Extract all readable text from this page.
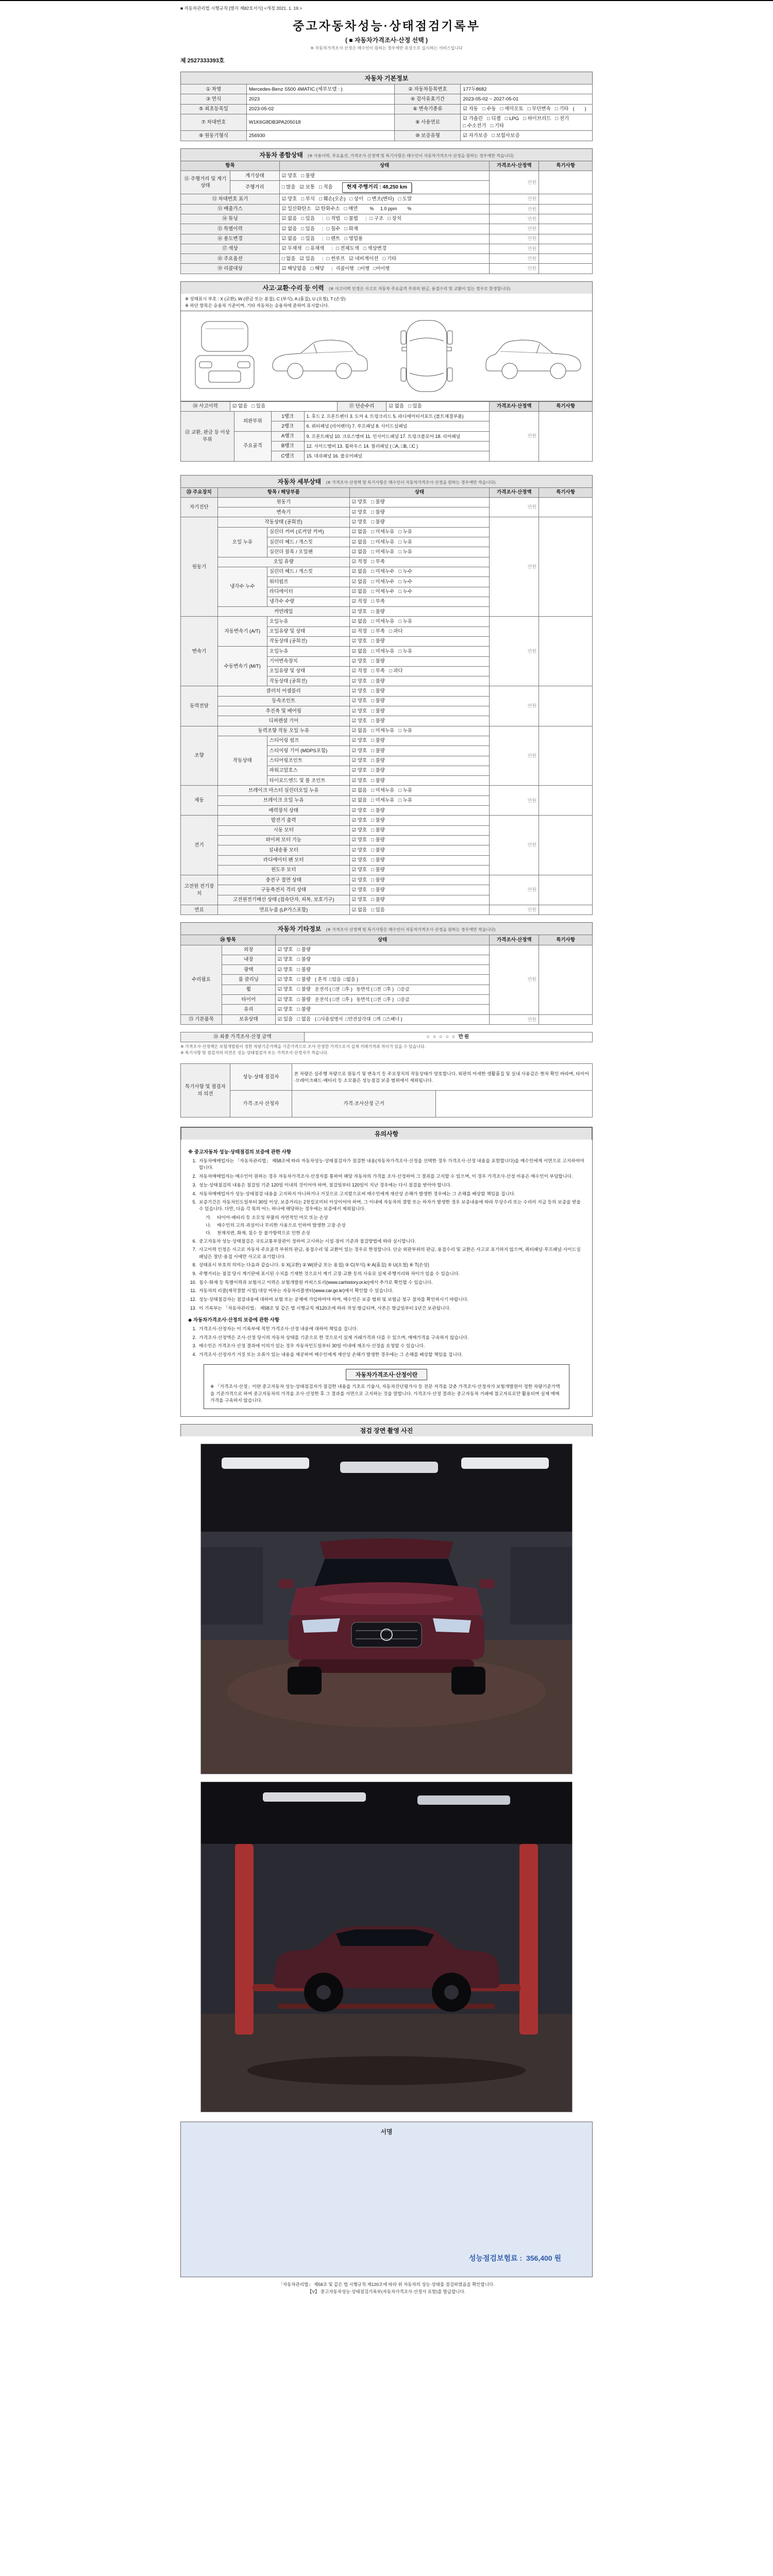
■ 자동차관리법 시행규칙 [별지 제82호서식] <개정 2021. 1. 19.>
중고자동차성능·상태점검기록부
( ■ 자동차가격조사·산정 선택 )
※ 자동차가격조사·산정은 매수인이 원하는 경우에만 유상으로 실시하는 서비스입니다
제 2527333393호
자동차 기본정보
① 차명	Mercedes-Benz S500 4MATIC (세부모델 : )	② 자동차등록번호	177두8682
③ 연식	2023	④ 검사유효기간	2023-05-02 ~ 2027-05-01
⑤ 최초등록일	2023-05-02	⑥ 변속기종류	☑ 자동 □ 수동 □ 세미오토 □ 무단변속 □ 기타 (        )
⑦ 차대번호	W1K6G8DB3PA205018	⑧ 사용연료	☑ 가솔린 □ 디젤 □ LPG □ 하이브리드 □ 전기□ 수소전기 □ 기타
⑨ 원동기형식	256930	⑩ 보증유형	☑ 자가보증 □ 보험사보증
자동차 종합상태 (※ 사용이력, 주요옵션, 가격조사·산정액 및 특기사항은 매수인이 자동차가격조사·산정을 원하는 경우에만 적습니다)
항목		상태	가격조사·산정액	특기사항
⑪ 주행거리 및 계기상태	계기상태	☑ 양호 □ 불량	만원	
	주행거리	□ 많음 ☑ 보통 □ 적음 현재 주행거리 : 48,250 km		
⑫ 차대번호 표기		☑ 양호 □ 부식 □ 훼손(오손) □ 상이 □ 변조(변타) □ 도말	만원	
⑬ 배출가스		☑ 일산화탄소 ☑ 탄화수소 □ 매연      %     1.0 ppm        %	만원	
⑭ 튜닝		☑ 없음 □ 있음 | □ 적법 □ 불법 | □ 구조 □ 장치	만원	
⑮ 특별이력		☑ 없음 □ 있음 | □ 침수 □ 화재	만원	
⑯ 용도변경		☑ 없음 □ 있음 | □ 렌트 □ 영업용	만원	
⑰ 색상		☑ 무채색 □ 유채색 | □ 전체도색 □ 색상변경	만원	
⑱ 주요옵션		□ 없음 ☑ 있음 | □ 썬루프 ☑ 네비게이션 □ 기타	만원	
⑲ 리콜대상		☑ 해당없음 □ 해당 | 리콜이행   □이행   □미이행	만원	
사고·교환·수리 등 이력 (※ 사고이력 인정은 사고로 자동차 주요골격 부위의 판금, 용접수리 및 교환이 있는 경우로 한정합니다)
※ 상태표시 부호 : X (교환), W (판금 또는 용접), C (부식), A (흠집), U (요철), T (손상)
※ 하단 항목은 승용차 기준이며, 기타 자동차는 승용차에 준하여 표시합니다.
⑳ 사고이력	☑ 없음 □ 있음	㉑ 단순수리	☑ 없음 □ 있음	가격조사·산정액	특기사항
㉒ 교환, 판금 등 이상 부위	외판부위	1랭크	1. 후드 2. 프론트펜더 3. 도어 4. 트렁크리드 5. 라디에이터서포트 (볼트체결부품)	만원	
		2랭크	6. 쿼터패널 (리어펜더) 7. 루프패널 8. 사이드실패널		
	주요골격	A랭크	9. 프론트패널 10. 크로스멤버 11. 인사이드패널 17. 트렁크플로어 18. 리어패널		
		B랭크	12. 사이드멤버 13. 휠하우스 14. 필러패널 ( □A, □B, □C )		
		C랭크	15. 대쉬패널 16. 플로어패널		
자동차 세부상태 (※ 가격조사·산정액 및 특기사항은 매수인이 자동차가격조사·산정을 원하는 경우에만 적습니다)
㉓ 주요장치	항목 / 해당부품		상태	가격조사·산정액	특기사항
자기진단	원동기		☑ 양호 □ 불량	만원	
	변속기		☑ 양호 □ 불량		
원동기	작동상태 (공회전)		☑ 양호 □ 불량	만원	
	오일 누유	실린더 커버 (로커암 커버)	☑ 없음 □ 미세누유 □ 누유		
		실린더 헤드 / 개스킷	☑ 없음 □ 미세누유 □ 누유		
		실린더 블록 / 오일팬	☑ 없음 □ 미세누유 □ 누유		
	오일 유량		☑ 적정 □ 부족		
	냉각수 누수	실린더 헤드 / 개스킷	☑ 없음 □ 미세누수 □ 누수		
		워터펌프	☑ 없음 □ 미세누수 □ 누수		
		라디에이터	☑ 없음 □ 미세누수 □ 누수		
		냉각수 수량	☑ 적정 □ 부족		
	커먼레일		☑ 양호 □ 불량		
변속기	자동변속기 (A/T)	오일누유	☑ 없음 □ 미세누유 □ 누유	만원	
		오일유량 및 상태	☑ 적정 □ 부족 □ 과다		
		작동상태 (공회전)	☑ 양호 □ 불량		
	수동변속기 (M/T)	오일누유	☑ 없음 □ 미세누유 □ 누유		
		기어변속장치	☑ 양호 □ 불량		
		오일유량 및 상태	☑ 적정 □ 부족 □ 과다		
		작동상태 (공회전)	☑ 양호 □ 불량		
동력전달	클러치 어셈블리		☑ 양호 □ 불량	만원	
	등속조인트		☑ 양호 □ 불량		
	추진축 및 베어링		☑ 양호 □ 불량		
	디퍼렌셜 기어		☑ 양호 □ 불량		
조향	동력조향 작동 오일 누유		☑ 없음 □ 미세누유 □ 누유	만원	
	작동상태	스티어링 펌프	☑ 양호 □ 불량		
		스티어링 기어 (MDPS포함)	☑ 양호 □ 불량		
		스티어링조인트	☑ 양호 □ 불량		
		파워고압호스	☑ 양호 □ 불량		
		타이로드엔드 및 볼 조인트	☑ 양호 □ 불량		
제동	브레이크 마스터 실린더오일 누유		☑ 없음 □ 미세누유 □ 누유	만원	
	브레이크 오일 누유		☑ 없음 □ 미세누유 □ 누유		
	배력장치 상태		☑ 양호 □ 불량		
전기	발전기 출력		☑ 양호 □ 불량	만원	
	시동 모터		☑ 양호 □ 불량		
	와이퍼 모터 기능		☑ 양호 □ 불량		
	실내송풍 모터		☑ 양호 □ 불량		
	라디에이터 팬 모터		☑ 양호 □ 불량		
	윈도우 모터		☑ 양호 □ 불량		
고전원 전기장치	충전구 절연 상태		☑ 양호 □ 불량	만원	
	구동축전지 격리 상태		☑ 양호 □ 불량		
	고전원전기배선 상태 (접속단자, 피복, 보호기구)		☑ 양호 □ 불량		
연료	연료누출 (LP가스포함)		☑ 없음 □ 있음	만원	
자동차 기타정보 (※ 가격조사·산정액 및 특기사항은 매수인이 자동차가격조사·산정을 원하는 경우에만 적습니다)
㉔ 항목		상태	가격조사·산정액	특기사항
수리필요	외장	☑ 양호 □ 불량	만원	
	내장	☑ 양호 □ 불량		
	광택	☑ 양호 □ 불량		
	룸 클리닝	☑ 양호 □ 불량 ( 흔적  □있음  □없음 )		
	휠	☑ 양호 □ 불량 운전석 ( □전  □후 )   동반석 ( □전  □후 )   □응급		
	타이어	☑ 양호 □ 불량 운전석 ( □전  □후 )   동반석 ( □전  □후 )   □응급		
	유리	☑ 양호 □ 불량		
㉕ 기본품목	보유상태	☑ 있음 □ 없음 ( □사용설명서  □안전삼각대  □잭  □스패너 )	만원	
㉖ 최종 가격조사·산정 금액	○ ○ ○ ○ ○ 만원
※ 가격조사·산정액은 보험개발원이 정한 차량기준가액을 기준가격으로 조사·산정한 가격으로서 실제 거래가격과 차이가 있을 수 있습니다.
※ 특기사항 및 점검자의 의견은 성능·상태점검자 또는 가격조사·산정자가 적습니다.
특기사항 및 점검자의 의견	성능·상태 점검자	본 차량은 실주행 차량으로 원동기 및 변속기 등 주요장치의 작동상태가 양호합니다. 외판의 미세한 생활흠집 및 실내 사용감은 현차 확인 바라며, 타이어·브레이크패드·배터리 등 소모품은 성능점검 보증 범위에서 제외됩니다.	
	가격·조사 산정자	가격·조사산정 근거	
유의사항
※ 중고자동차 성능·상태점검의 보증에 관한 사항
1. 자동차매매업자는 「자동차관리법」 제58조에 따라 자동차성능·상태점검자가 점검한 내용(자동차가격조사·산정을 선택한 경우 가격조사·산정 내용을 포함합니다)을 매수인에게 서면으로 고지하여야 합니다.
2. 자동차매매업자는 매수인이 원하는 경우 자동차가격조사·산정자를 통하여 해당 자동차의 가격을 조사·산정하여 그 결과를 고지할 수 있으며, 이 경우 가격조사·산정 비용은 매수인이 부담합니다.
3. 성능·상태점검의 내용은 점검일 기준 120일 이내의 것이어야 하며, 점검일부터 120일이 지난 경우에는 다시 점검을 받아야 합니다.
4. 자동차매매업자가 성능·상태점검 내용을 고지하지 아니하거나 거짓으로 고지함으로써 매수인에게 재산상 손해가 발생한 경우에는 그 손해를 배상할 책임을 집니다.
5. 보증기간은 자동차인도일부터 30일 이상, 보증거리는 2천킬로미터 이상이어야 하며, 그 이내에 자동차의 결함 또는 하자가 발생한 경우 보증내용에 따라 무상수리 또는 수리비 지급 등의 보증을 받을 수 있습니다. 다만, 다음 각 목의 어느 하나에 해당하는 경우에는 보증에서 제외됩니다.
가.	타이어·배터리 등 소모성 부품의 자연적인 마모 또는 손상
나.	매수인의 고의·과실이나 무리한 사용으로 인하여 발생한 고장·손상
다.	천재지변, 화재, 침수 등 불가항력으로 인한 손상
6. 중고자동차 성능·상태점검은 국토교통부장관이 정하여 고시하는 시설·장비 기준과 점검방법에 따라 실시합니다.
7. 사고이력 인정은 사고로 자동차 주요골격 부위의 판금, 용접수리 및 교환이 있는 경우로 한정합니다. 단순 외판부위의 판금, 용접수리 및 교환은 사고로 표기하지 않으며, 쿼터패널·루프패널·사이드실패널은 절단·용접 시에만 사고로 표기합니다.
8. 상태표시 부호의 의미는 다음과 같습니다. ① X(교환) ② W(판금 또는 용접) ③ C(부식) ④ A(흠집) ⑤ U(요철) ⑥ T(손상)
9. 주행거리는 점검 당시 계기판에 표시된 수치를 기재한 것으로서 계기 고장·교환 등의 사유로 실제 주행거리와 차이가 있을 수 있습니다.
10. 침수·화재 등 특별이력과 보험사고 이력은 보험개발원 카히스토리(www.carhistory.or.kr)에서 추가로 확인할 수 있습니다.
11. 자동차의 리콜(제작결함 시정) 대상 여부는 자동차리콜센터(www.car.go.kr)에서 확인할 수 있습니다.
12. 성능·상태점검자는 점검내용에 대하여 보험 또는 공제에 가입하여야 하며, 매수인은 보증 범위 및 보험금 청구 절차를 확인하시기 바랍니다.
13. 이 기록부는 「자동차관리법」 제58조 및 같은 법 시행규칙 제120조에 따라 작성·발급되며, 사본은 발급일부터 1년간 보관됩니다.
◆ 자동차가격조사·산정의 보증에 관한 사항
1. 가격조사·산정자는 이 기록부에 적힌 가격조사·산정 내용에 대하여 책임을 집니다.
2. 가격조사·산정액은 조사·산정 당시의 자동차 상태를 기준으로 한 것으로서 실제 거래가격과 다를 수 있으며, 매매가격을 구속하지 않습니다.
3. 매수인은 가격조사·산정 결과에 이의가 있는 경우 자동차인도일부터 30일 이내에 재조사·산정을 요청할 수 있습니다.
4. 가격조사·산정자가 거짓 또는 오류가 있는 내용을 제공하여 매수인에게 재산상 손해가 발생한 경우에는 그 손해를 배상할 책임을 집니다.
자동차가격조사·산정이란

※ 「가격조사·산정」이란 중고자동차 성능·상태점검자가 점검한 내용을 기초로 기술사, 자동차진단평가사 등 전문 자격을 갖춘 가격조사·산정자가 보험개발원이 정한 차량기준가액을 기준가격으로 하여 중고자동차의 가격을 조사·산정한 후 그 결과를 서면으로 고지하는 것을 말합니다. 가격조사·산정 결과는 중고자동차 거래에 참고자료로만 활용되며 실제 매매가격을 구속하지 않습니다.

점검 장면 촬영 사진
서명
성능점검보험료 : 356,400 원
「자동차관리법」 제58조 및 같은 법 시행규칙 제120조에 따라 위 자동차의 성능·상태를 점검하였음을 확인합니다.
【V】 중고자동차성능·상태점검기록부(자동차가격조사·산정서 포함)를 발급합니다.
